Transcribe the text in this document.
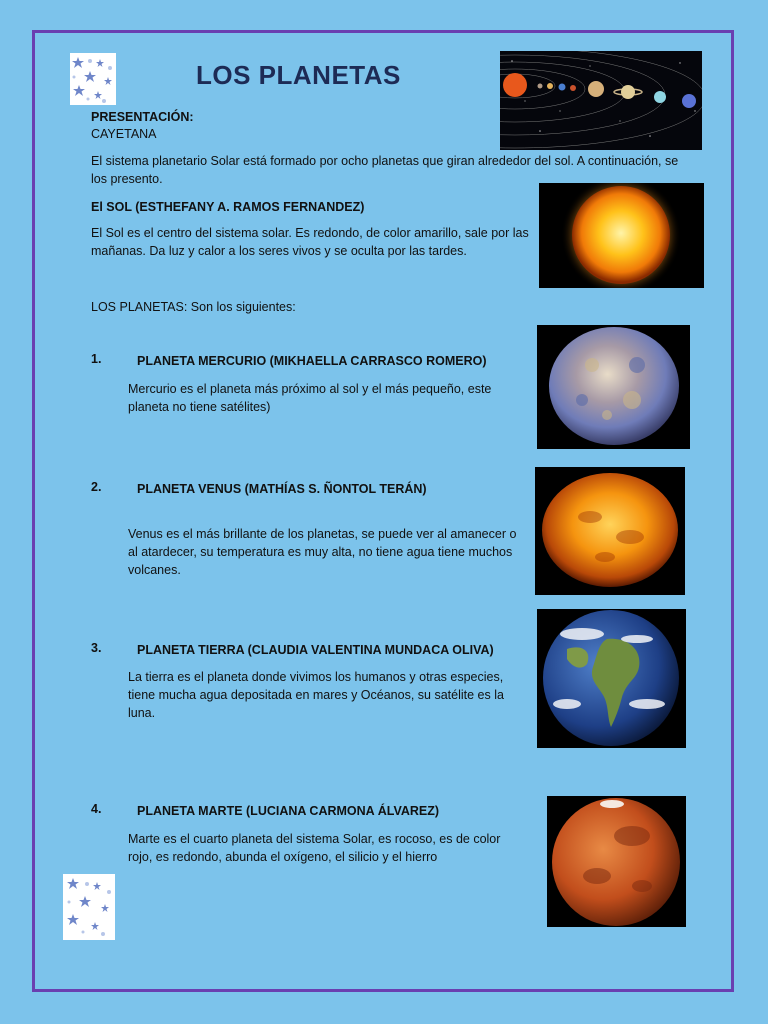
LOS PLANETAS
PRESENTACIÓN:
CAYETANA
El sistema planetario Solar está formado por ocho planetas que giran alrededor del sol. A continuación, se los presento.
El SOL (ESTHEFANY A. RAMOS FERNANDEZ)
El Sol es el centro del sistema solar. Es redondo, de color amarillo, sale por las mañanas. Da luz y calor a los seres vivos y se oculta por las tardes.
LOS PLANETAS: Son los siguientes:
1.	PLANETA MERCURIO (MIKHAELLA CARRASCO ROMERO)
Mercurio es el planeta más próximo al sol y el más pequeño, este planeta no tiene satélites)
2.	PLANETA VENUS (MATHÍAS S. ÑONTOL TERÁN)
Venus es el más brillante de los planetas, se puede ver al amanecer o al atardecer, su temperatura es muy alta, no tiene agua tiene muchos volcanes.
3.	PLANETA TIERRA (CLAUDIA VALENTINA MUNDACA OLIVA)
La tierra es el planeta donde vivimos los humanos y otras especies, tiene mucha agua depositada en mares y Océanos, su satélite es la luna.
4.	PLANETA MARTE (LUCIANA CARMONA ÁLVAREZ)
Marte es el cuarto planeta del sistema Solar, es rocoso, es de color rojo, es redondo, abunda el oxígeno, el silicio y el hierro
